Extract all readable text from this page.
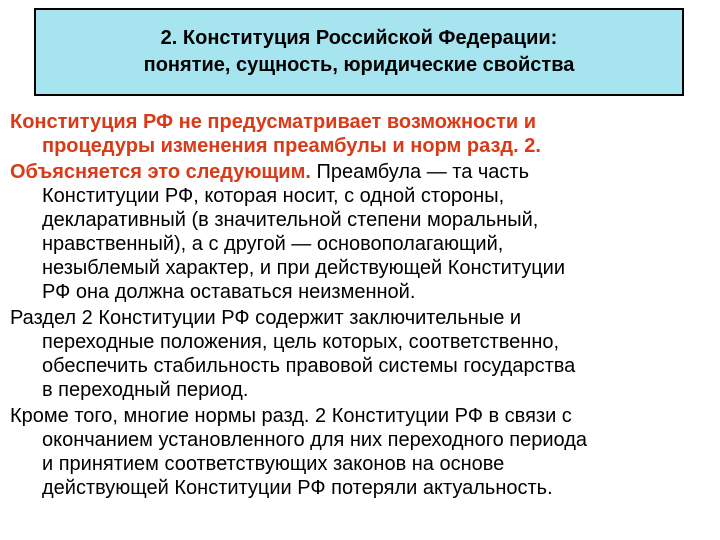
2. Конституция Российской Федерации:
понятие, сущность, юридические свойства

Конституция РФ не предусматривает возможности и
процедуры изменения преамбулы и норм разд. 2.

Объясняется это следующим. Преамбула — та часть
Конституции РФ, которая носит, с одной стороны,
декларативный (в значительной степени моральный,
нравственный), а с другой — основополагающий,
незыблемый характер, и при действующей Конституции
РФ она должна оставаться неизменной.

Раздел 2 Конституции РФ содержит заключительные и
переходные положения, цель которых, соответственно,
обеспечить стабильность правовой системы государства
в переходный период.

Кроме того, многие нормы разд. 2 Конституции РФ в связи с
окончанием установленного для них переходного периода
и принятием соответствующих законов на основе
действующей Конституции РФ потеряли актуальность.
